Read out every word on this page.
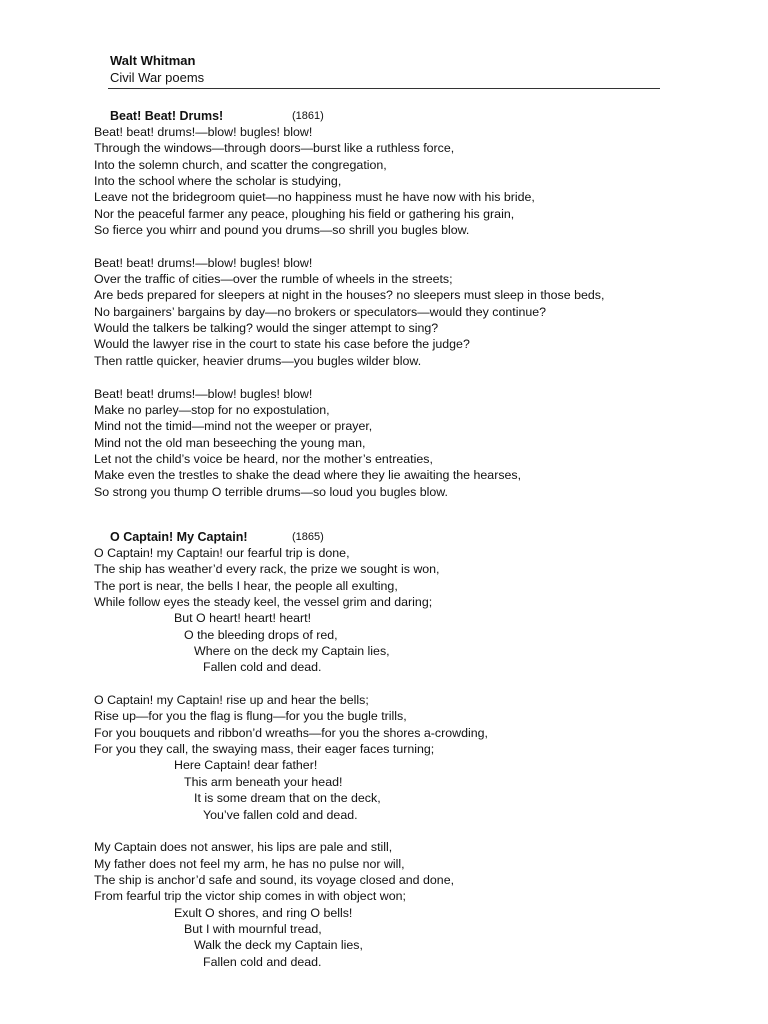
Walt Whitman
Civil War poems
Beat! Beat! Drums!	(1861)
Beat! beat! drums!—blow! bugles! blow!
Through the windows—through doors—burst like a ruthless force,
Into the solemn church, and scatter the congregation,
Into the school where the scholar is studying,
Leave not the bridegroom quiet—no happiness must he have now with his bride,
Nor the peaceful farmer any peace, ploughing his field or gathering his grain,
So fierce you whirr and pound you drums—so shrill you bugles blow.
Beat! beat! drums!—blow! bugles! blow!
Over the traffic of cities—over the rumble of wheels in the streets;
Are beds prepared for sleepers at night in the houses? no sleepers must sleep in those beds,
No bargainers’ bargains by day—no brokers or speculators—would they continue?
Would the talkers be talking? would the singer attempt to sing?
Would the lawyer rise in the court to state his case before the judge?
Then rattle quicker, heavier drums—you bugles wilder blow.
Beat! beat! drums!—blow! bugles! blow!
Make no parley—stop for no expostulation,
Mind not the timid—mind not the weeper or prayer,
Mind not the old man beseeching the young man,
Let not the child’s voice be heard, nor the mother’s entreaties,
Make even the trestles to shake the dead where they lie awaiting the hearses,
So strong you thump O terrible drums—so loud you bugles blow.
O Captain! My Captain!	(1865)
O Captain! my Captain! our fearful trip is done,
The ship has weather’d every rack, the prize we sought is won,
The port is near, the bells I hear, the people all exulting,
While follow eyes the steady keel, the vessel grim and daring;
But O heart! heart! heart!
O the bleeding drops of red,
Where on the deck my Captain lies,
Fallen cold and dead.
O Captain! my Captain! rise up and hear the bells;
Rise up—for you the flag is flung—for you the bugle trills,
For you bouquets and ribbon’d wreaths—for you the shores a-crowding,
For you they call, the swaying mass, their eager faces turning;
Here Captain! dear father!
This arm beneath your head!
It is some dream that on the deck,
You’ve fallen cold and dead.
My Captain does not answer, his lips are pale and still,
My father does not feel my arm, he has no pulse nor will,
The ship is anchor’d safe and sound, its voyage closed and done,
From fearful trip the victor ship comes in with object won;
Exult O shores, and ring O bells!
But I with mournful tread,
Walk the deck my Captain lies,
Fallen cold and dead.
